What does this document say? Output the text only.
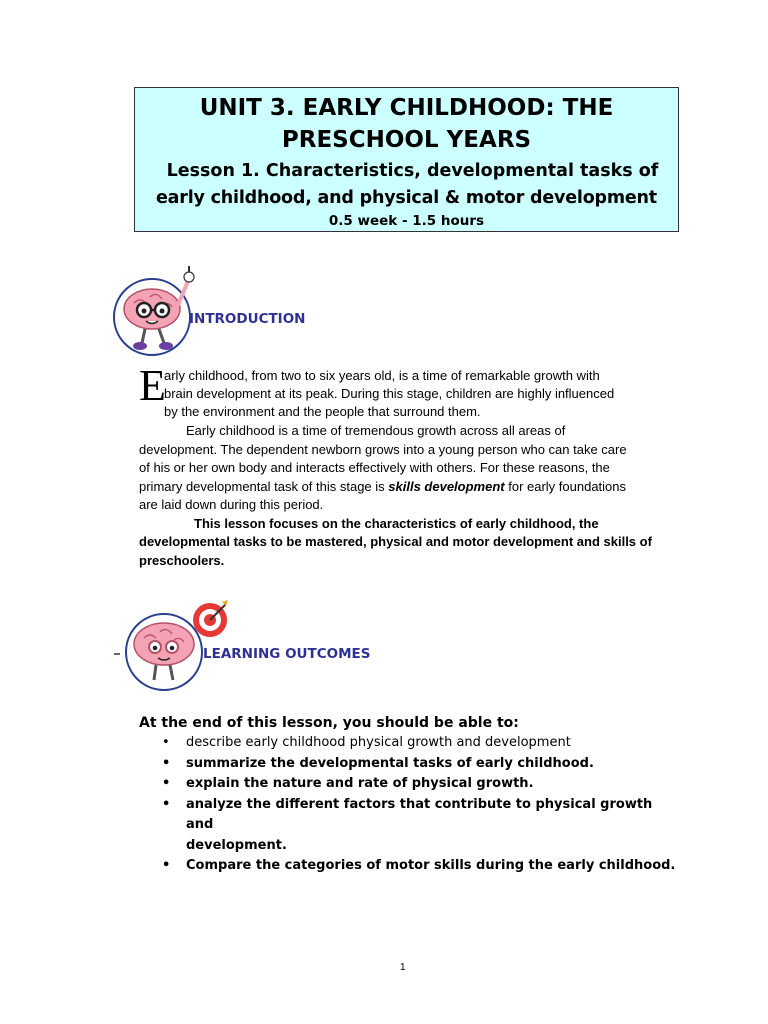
UNIT 3. EARLY CHILDHOOD: THE
PRESCHOOL YEARS
Lesson 1. Characteristics, developmental tasks of
early childhood, and physical & motor development
0.5 week - 1.5 hours
INTRODUCTION
E
arly childhood, from two to six years old, is a time of remarkable growth with
brain development at its peak. During this stage, children are highly influenced
by the environment and the people that surround them.
Early childhood is a time of tremendous growth across all areas of
development. The dependent newborn grows into a young person who can take care
of his or her own body and interacts effectively with others. For these reasons, the
primary developmental task of this stage is skills development for early foundations
are laid down during this period.
This lesson focuses on the characteristics of early childhood, the
developmental tasks to be mastered, physical and motor development and skills of
preschoolers.
LEARNING OUTCOMES
At the end of this lesson, you should be able to:
• describe early childhood physical growth and development
• summarize the developmental tasks of early childhood.
• explain the nature and rate of physical growth.
• analyze the different factors that contribute to physical growth and
development.
• Compare the categories of motor skills during the early childhood.
1
